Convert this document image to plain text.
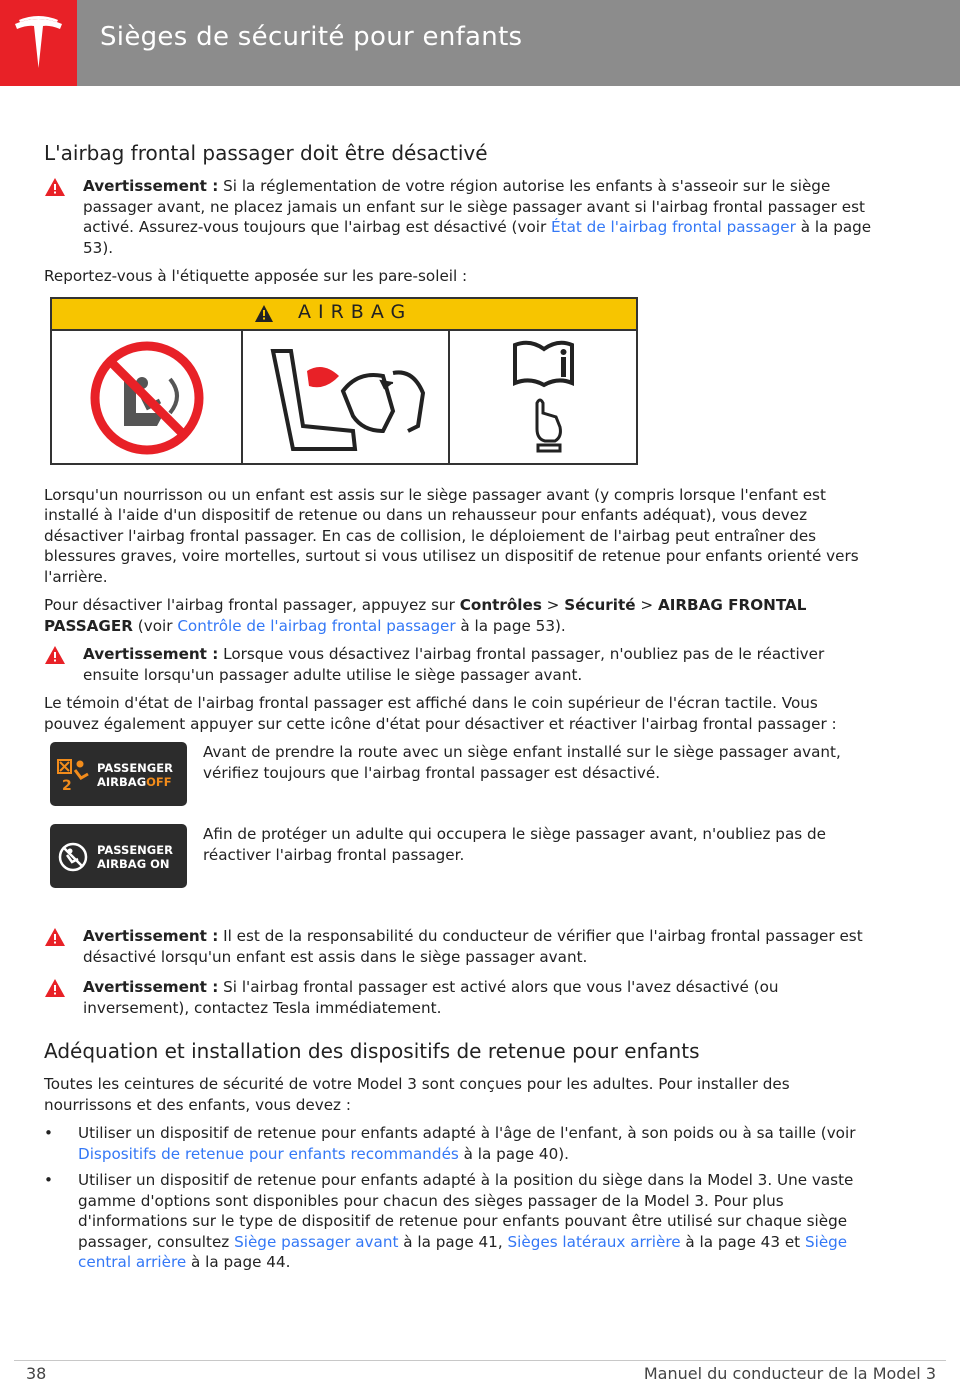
Sièges de sécurité pour enfants
L'airbag frontal passager doit être désactivé
Avertissement : Si la réglementation de votre région autorise les enfants à s'asseoir sur le siège passager avant, ne placez jamais un enfant sur le siège passager avant si l'airbag frontal passager est activé. Assurez-vous toujours que l'airbag est désactivé (voir État de l'airbag frontal passager à la page 53).

Reportez-vous à l'étiquette apposée sur les pare-soleil :

AIRBAG

Lorsqu'un nourrisson ou un enfant est assis sur le siège passager avant (y compris lorsque l'enfant est installé à l'aide d'un dispositif de retenue ou dans un rehausseur pour enfants adéquat), vous devez désactiver l'airbag frontal passager. En cas de collision, le déploiement de l'airbag peut entraîner des blessures graves, voire mortelles, surtout si vous utilisez un dispositif de retenue pour enfants orienté vers l'arrière.

Pour désactiver l'airbag frontal passager, appuyez sur Contrôles > Sécurité > AIRBAG FRONTAL PASSAGER (voir Contrôle de l'airbag frontal passager à la page 53).

Avertissement : Lorsque vous désactivez l'airbag frontal passager, n'oubliez pas de le réactiver ensuite lorsqu'un passager adulte utilise le siège passager avant.

Le témoin d'état de l'airbag frontal passager est affiché dans le coin supérieur de l'écran tactile. Vous pouvez également appuyer sur cette icône d'état pour désactiver et réactiver l'airbag frontal passager :

2
PASSENGER
AIRBAGOFF
Avant de prendre la route avec un siège enfant installé sur le siège passager avant, vérifiez toujours que l'airbag frontal passager est désactivé.
PASSENGER
AIRBAG ON
Afin de protéger un adulte qui occupera le siège passager avant, n'oubliez pas de réactiver l'airbag frontal passager.
Avertissement : Il est de la responsabilité du conducteur de vérifier que l'airbag frontal passager est désactivé lorsqu'un enfant est assis dans le siège passager avant.
Avertissement : Si l'airbag frontal passager est activé alors que vous l'avez désactivé (ou inversement), contactez Tesla immédiatement.
Adéquation et installation des dispositifs de retenue pour enfants

Toutes les ceintures de sécurité de votre Model 3 sont conçues pour les adultes. Pour installer des nourrissons et des enfants, vous devez :

• Utiliser un dispositif de retenue pour enfants adapté à l'âge de l'enfant, à son poids ou à sa taille (voir Dispositifs de retenue pour enfants recommandés à la page 40).
• Utiliser un dispositif de retenue pour enfants adapté à la position du siège dans la Model 3. Une vaste gamme d'options sont disponibles pour chacun des sièges passager de la Model 3. Pour plus d'informations sur le type de dispositif de retenue pour enfants pouvant être utilisé sur chaque siège passager, consultez Siège passager avant à la page 41, Sièges latéraux arrière à la page 43 et Siège central arrière à la page 44.
38	Manuel du conducteur de la Model 3
